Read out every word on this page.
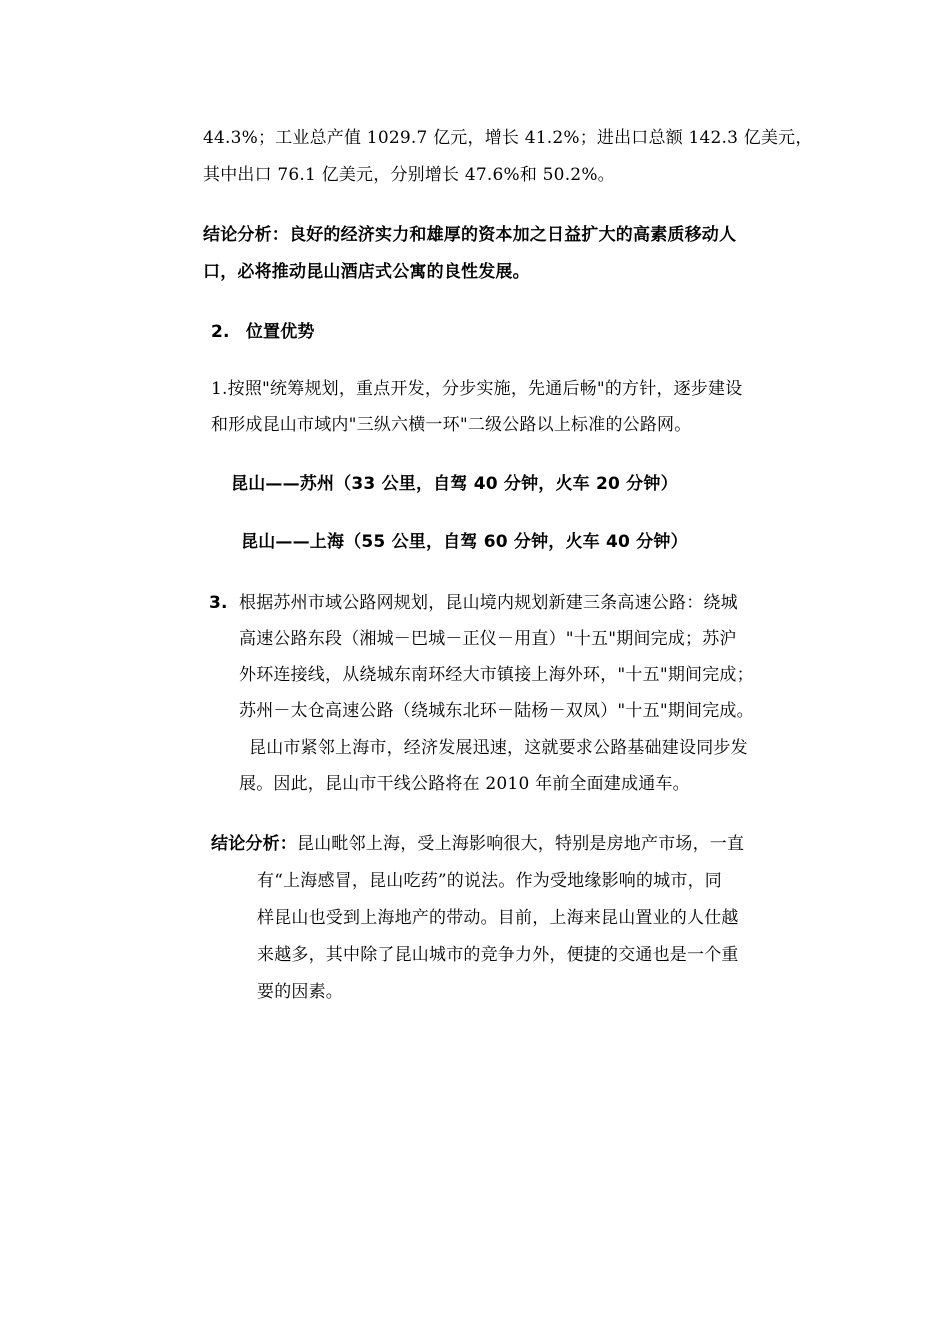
44.3%；工业总产值 1029.7 亿元，增长 41.2%；进出口总额 142.3 亿美元，
其中出口 76.1 亿美元，分别增长 47.6%和 50.2%。
结论分析：良好的经济实力和雄厚的资本加之日益扩大的高素质移动人
口，必将推动昆山酒店式公寓的良性发展。
2. 位置优势
1.按照"统筹规划，重点开发，分步实施，先通后畅"的方针，逐步建设
和形成昆山市域内"三纵六横一环"二级公路以上标准的公路网。
昆山——苏州（33 公里，自驾 40 分钟，火车 20 分钟）
昆山——上海（55 公里，自驾 60 分钟，火车 40 分钟）
3. 根据苏州市域公路网规划，昆山境内规划新建三条高速公路：绕城
高速公路东段（湘城－巴城－正仪－用直）"十五"期间完成；苏沪
外环连接线，从绕城东南环经大市镇接上海外环，"十五"期间完成；
苏州－太仓高速公路（绕城东北环－陆杨－双凤）"十五"期间完成。
昆山市紧邻上海市，经济发展迅速，这就要求公路基础建设同步发
展。因此，昆山市干线公路将在 2010 年前全面建成通车。
结论分析：昆山毗邻上海，受上海影响很大，特别是房地产市场，一直
有“上海感冒，昆山吃药”的说法。作为受地缘影响的城市，同
样昆山也受到上海地产的带动。目前，上海来昆山置业的人仕越
来越多，其中除了昆山城市的竞争力外，便捷的交通也是一个重
要的因素。
